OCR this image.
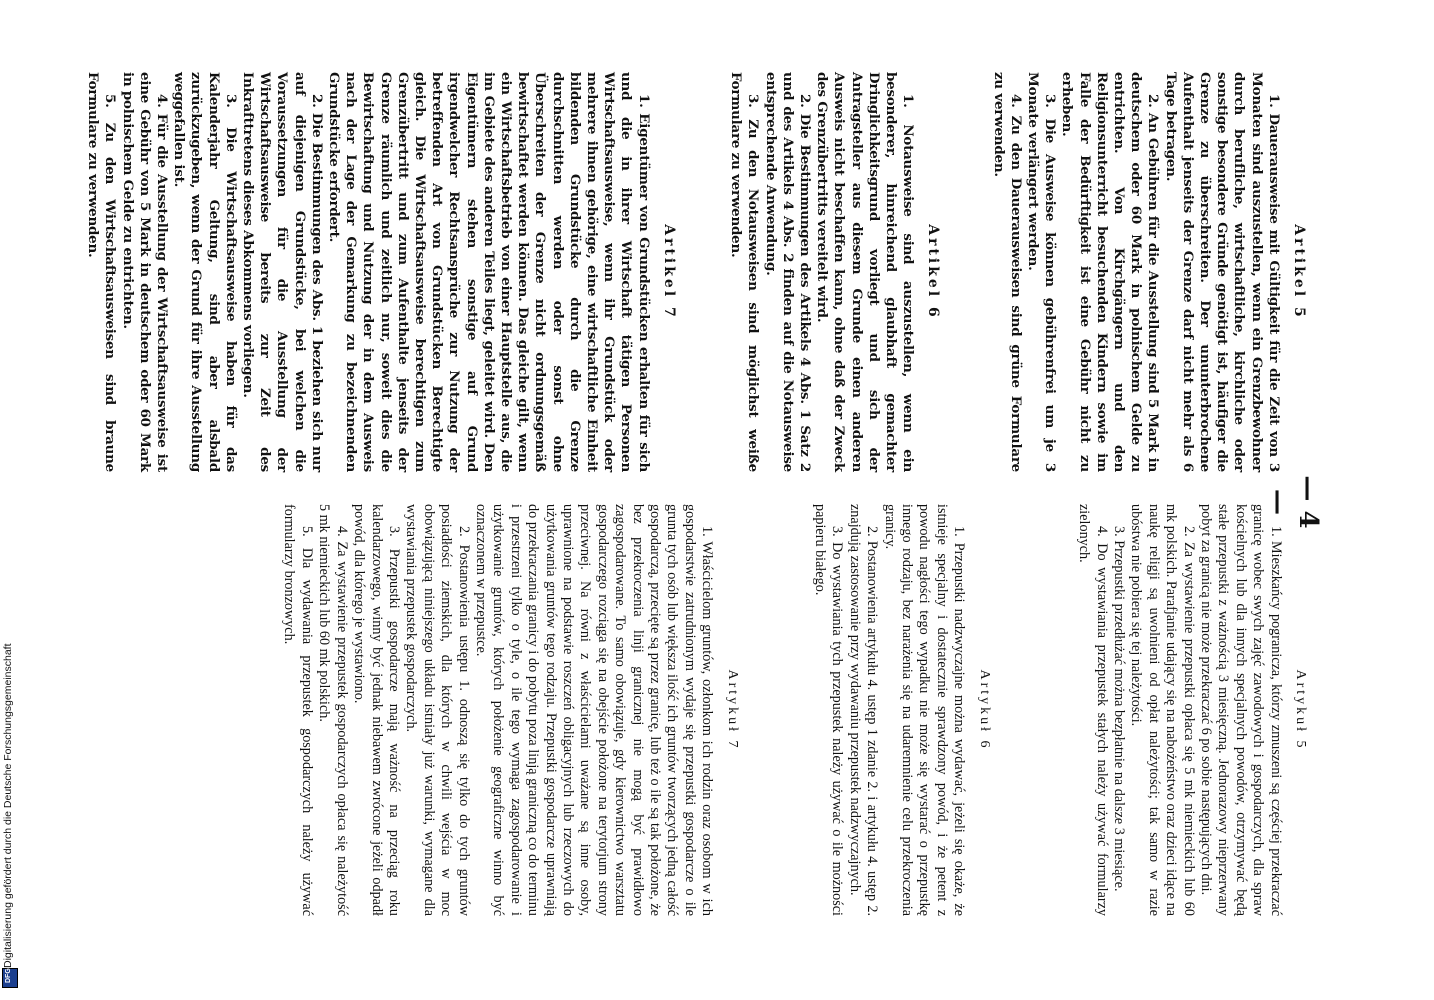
— 4 —
Artikel 5

1. Dauerausweise mit Gültigkeit für die Zeit von 3 Monaten sind auszustellen, wenn ein Grenzbewohner durch berufliche, wirtschaftliche, kirchliche oder sonstige besondere Gründe genötigt ist, häufiger die Grenze zu überschreiten. Der ununterbrochene Aufenthalt jenseits der Grenze darf nicht mehr als 6 Tage betragen.

2. An Gebühren für die Ausstellung sind 5 Mark in deutschem oder 60 Mark in polnischem Gelde zu entrichten. Von Kirchgängern und den Religionsunterricht besuchenden Kindern sowie im Falle der Bedürftigkeit ist eine Gebühr nicht zu erheben.

3. Die Ausweise können gebührenfrei um je 3 Monate verlängert werden.

4. Zu den Dauerausweisen sind grüne Formulare zu verwenden.

Artikel 6

1. Notausweise sind auszustellen, wenn ein besonderer, hinreichend glaubhaft gemachter Dringlichkeitsgrund vorliegt und sich der Antragsteller aus diesem Grunde einen anderen Ausweis nicht beschaffen kann, ohne daß der Zweck des Grenzübertritts vereitelt wird.

2. Die Bestimmungen des Artikels 4 Abs. 1 Satz 2 und des Artikels 4 Abs. 2 finden auf die Notausweise entsprechende Anwendung.

3. Zu den Notausweisen sind möglichst weiße Formulare zu verwenden.

Artikel 7

1. Eigentümer von Grundstücken erhalten für sich und die in ihrer Wirtschaft tätigen Personen Wirtschaftsausweise, wenn ihr Grundstück oder mehrere ihnen gehörige, eine wirtschaftliche Einheit bildenden Grundstücke durch die Grenze durchschnitten werden oder sonst ohne Überschreiten der Grenze nicht ordnungsgemäß bewirtschaftet werden können. Das gleiche gilt, wenn ein Wirtschaftsbetrieb von einer Hauptstelle aus, die im Gebiete des anderen Teiles liegt, geleitet wird. Den Eigentümern stehen sonstige auf Grund irgendwelcher Rechtsansprüche zur Nutzung der betreffenden Art von Grundstücken Berechtigte gleich. Die Wirtschaftsausweise berechtigen zum Grenzübertritt und zum Aufenthalte jenseits der Grenze räumlich und zeitlich nur, soweit dies die Bewirtschaftung und Nutzung der in dem Ausweis nach der Lage der Gemarkung zu bezeichnenden Grundstücke erfordert.

2. Die Bestimmungen des Abs. 1 beziehen sich nur auf diejenigen Grundstücke, bei welchen die Voraussetzungen für die Ausstellung der Wirtschaftsausweise bereits zur Zeit des Inkrafttretens dieses Abkommens vorliegen.

3. Die Wirtschaftsausweise haben für das Kalenderjahr Geltung, sind aber alsbald zurückzugeben, wenn der Grund für ihre Ausstellung weggefallen ist.

4. Für die Ausstellung der Wirtschaftsausweise ist eine Gebühr von 5 Mark in deutschem oder 60 Mark in polnischem Gelde zu entrichten.

5. Zu den Wirtschaftsausweisen sind braune Formulare zu verwenden.

Artykuł 5

1. Mieszkańcy pogranicza, którzy zmuszeni są częściej przekraczać granicę wobec swych zajęć zawodowych i gospodarczych, dla spraw kościelnych lub dla innych specjalnych powodów, otrzymywać będą stałe przepustki z ważnością 3 miesięczną. Jednorazowy nieprzerwany pobyt za granicą nie może przekraczać 6 po sobie następujących dni.

2. Za wystawienie przepustki opłaca się 5 mk niemieckich lub 60 mk polskich. Parafjanie udający się na nabożeństwo oraz dzieci idące na naukę religji są uwolnieni od opłat należytości; tak samo w razie ubóstwa nie pobiera się tej należytości.

3. Przepustki przedłużać można bezpłatnie na dalsze 3 miesiące.

4. Do wystawiania przepustek stałych należy używać formularzy zielonych.

Artykuł 6

1. Przepustki nadzwyczajne można wydawać, jeżeli się okaże, że istnieje specjalny i dostatecznie sprawdzony powód, i że petent z powodu nagłości tego wypadku nie może się wystarać o przepustkę innego rodzaju, bez narażenia się na udaremnienie celu przekroczenia granicy.

2. Postanowienia artykułu 4. ustęp 1 zdanie 2. i artykułu 4. ustęp 2. znajdują zastosowanie przy wydawaniu przepustek nadzwyczajnych.

3. Do wystawiania tych przepustek należy używać o ile możności papieru białego.

Artykuł 7

1. Właścicielom gruntów, ozłonkom ich rodzin oraz osobom w ich gospodarstwie zatrudnionym wydaje się przepustki gospodarcze o ile grunta tych osób lub większa ilość ich gruntów tworzących jedną całość gospodarczą, przecięte są przez granicę, lub też o ile są tak położone, że bez przekroczenia linji granicznej nie mogą być prawidłowo zagospodarowane. To samo obowiązuje, gdy kierownictwo warsztatu gospodarczego rozciąga się na obejście położone na terytorjum strony przeciwnej. Na równi z właścicielami uważane są inne osoby, uprawnione na podstawie roszczeń obligacyjnych lub rzeczowych do użytkowania gruntów tego rodzaju. Przepustki gospodarcze uprawniają do przekraczania granicy i do pobytu poza linją graniczną co do terminu i przestrzeni tylko o tyle, o ile tego wymaga zagospodarowanie i użytkowanie gruntów, których położenie geograficzne winno być oznaczonem w przepustce.

2. Postanowienia ustępu 1. odnoszą się tylko do tych gruntów posiadłości ziemskich, dla których w chwili wejścia w moc obowiązującą niniejszego układu istniały już warunki, wymagane dla wystawiania przepustek gospodarczych.

3. Przepustki gospodarcze mają ważność na przeciąg roku kalendarzowego, winny być jednak niebawem zwrócone jeżeli odpadł powód, dla którego je wystawiono.

4. Za wystawienie przepustek gospodarczych opłaca się należytość 5 mk niemieckich lub 60 mk polskich.

5. Dla wydawania przepustek gospodarczych należy używać formularzy bronzowych.

Digitalisierung gefördert durch die Deutsche Forschungsgemeinschaft
DFG
